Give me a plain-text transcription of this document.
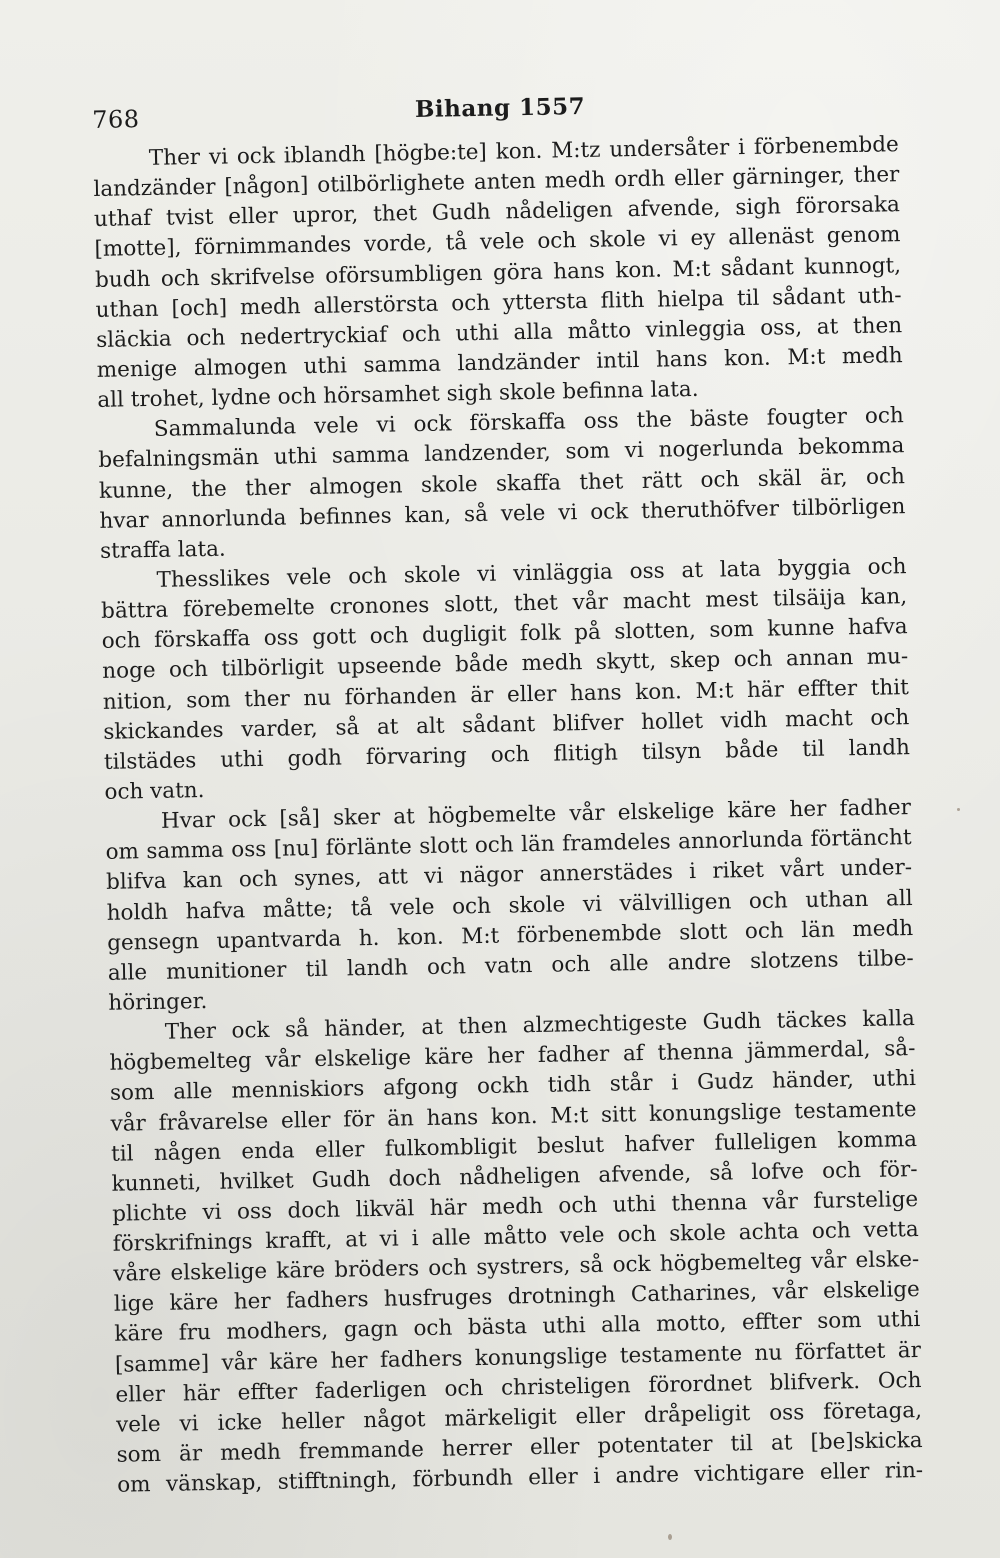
768	Bihang 1557

Ther vi ock iblandh [högbe:te] kon. M:tz undersåter i förbenembde
landzänder [någon] otilbörlighete anten medh ordh eller gärninger, ther
uthaf tvist eller upror, thet Gudh nådeligen afvende, sigh förorsaka
[motte], förnimmandes vorde, tå vele och skole vi ey allenäst genom
budh och skrifvelse oförsumbligen göra hans kon. M:t sådant kunnogt,
uthan [och] medh allerstörsta och yttersta flith hielpa til sådant uth-
släckia och nedertryckiaf och uthi alla måtto vinleggia oss, at then
menige almogen uthi samma landzänder intil hans kon. M:t medh
all trohet, lydne och hörsamhet sigh skole befinna lata.
Sammalunda vele vi ock förskaffa oss the bäste fougter och
befalningsmän uthi samma landzender, som vi nogerlunda bekomma
kunne, the ther almogen skole skaffa thet rätt och skäl är, och
hvar annorlunda befinnes kan, så vele vi ock theruthöfver tilbörligen
straffa lata.
Thesslikes vele och skole vi vinläggia oss at lata byggia och
bättra förebemelte cronones slott, thet vår macht mest tilsäija kan,
och förskaffa oss gott och dugligit folk på slotten, som kunne hafva
noge och tilbörligit upseende både medh skytt, skep och annan mu-
nition, som ther nu förhanden är eller hans kon. M:t här effter thit
skickandes varder, så at alt sådant blifver hollet vidh macht och
tilstädes uthi godh förvaring och flitigh tilsyn både til landh
och vatn.
Hvar ock [så] sker at högbemelte vår elskelige käre her fadher
om samma oss [nu] förlänte slott och län framdeles annorlunda förtäncht
blifva kan och synes, att vi nägor annerstädes i riket vårt under-
holdh hafva måtte; tå vele och skole vi välvilligen och uthan all
gensegn upantvarda h. kon. M:t förbenembde slott och län medh
alle munitioner til landh och vatn och alle andre slotzens tilbe-
höringer.
Ther ock så händer, at then alzmechtigeste Gudh täckes kalla
högbemelteg vår elskelige käre her fadher af thenna jämmerdal, så-
som alle menniskiors afgong ockh tidh står i Gudz händer, uthi
vår fråvarelse eller för än hans kon. M:t sitt konungslige testamente
til någen enda eller fulkombligit beslut hafver fulleligen komma
kunneti, hvilket Gudh doch nådheligen afvende, så lofve och för-
plichte vi oss doch likväl här medh och uthi thenna vår furstelige
förskrifnings krafft, at vi i alle måtto vele och skole achta och vetta
våre elskelige käre bröders och systrers, så ock högbemelteg vår elske-
lige käre her fadhers husfruges drotningh Catharines, vår elskelige
käre fru modhers, gagn och bästa uthi alla motto, effter som uthi
[samme] vår käre her fadhers konungslige testamente nu författet är
eller här effter faderligen och christeligen förordnet blifverk. Och
vele vi icke heller något märkeligit eller dråpeligit oss företaga,
som är medh fremmande herrer eller potentater til at [be]skicka
om vänskap, stifftningh, förbundh eller i andre vichtigare eller rin-
